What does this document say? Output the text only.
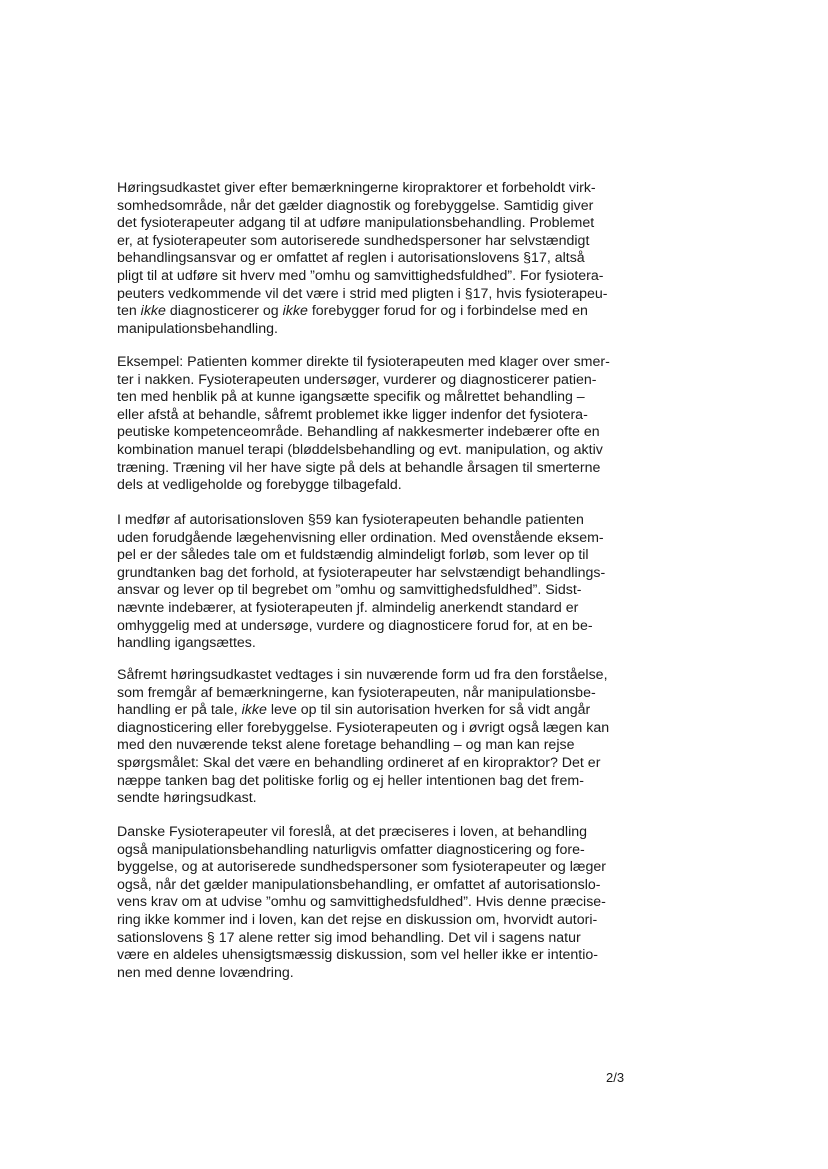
Høringsudkastet giver efter bemærkningerne kiropraktorer et forbeholdt virk-
somhedsområde, når det gælder diagnostik og forebyggelse. Samtidig giver
det fysioterapeuter adgang til at udføre manipulationsbehandling. Problemet
er, at fysioterapeuter som autoriserede sundhedspersoner har selvstændigt
behandlingsansvar og er omfattet af reglen i autorisationslovens §17, altså
pligt til at udføre sit hverv med ”omhu og samvittighedsfuldhed”. For fysiotera-
peuters vedkommende vil det være i strid med pligten i §17, hvis fysioterapeu-
ten ikke diagnosticerer og ikke forebygger forud for og i forbindelse med en
manipulationsbehandling.
Eksempel: Patienten kommer direkte til fysioterapeuten med klager over smer-
ter i nakken. Fysioterapeuten undersøger, vurderer og diagnosticerer patien-
ten med henblik på at kunne igangsætte specifik og målrettet behandling –
eller afstå at behandle, såfremt problemet ikke ligger indenfor det fysiotera-
peutiske kompetenceområde. Behandling af nakkesmerter indebærer ofte en
kombination manuel terapi (bløddelsbehandling og evt. manipulation, og aktiv
træning. Træning vil her have sigte på dels at behandle årsagen til smerterne
dels at vedligeholde og forebygge tilbagefald.
I medfør af autorisationsloven §59 kan fysioterapeuten behandle patienten
uden forudgående lægehenvisning eller ordination. Med ovenstående eksem-
pel er der således tale om et fuldstændig almindeligt forløb, som lever op til
grundtanken bag det forhold, at fysioterapeuter har selvstændigt behandlings-
ansvar og lever op til begrebet om ”omhu og samvittighedsfuldhed”. Sidst-
nævnte indebærer, at fysioterapeuten jf. almindelig anerkendt standard er
omhyggelig med at undersøge, vurdere og diagnosticere forud for, at en be-
handling igangsættes.
Såfremt høringsudkastet vedtages i sin nuværende form ud fra den forståelse,
som fremgår af bemærkningerne, kan fysioterapeuten, når manipulationsbe-
handling er på tale, ikke leve op til sin autorisation hverken for så vidt angår
diagnosticering eller forebyggelse. Fysioterapeuten og i øvrigt også lægen kan
med den nuværende tekst alene foretage behandling – og man kan rejse
spørgsmålet: Skal det være en behandling ordineret af en kiropraktor? Det er
næppe tanken bag det politiske forlig og ej heller intentionen bag det frem-
sendte høringsudkast.
Danske Fysioterapeuter vil foreslå, at det præciseres i loven, at behandling
også manipulationsbehandling naturligvis omfatter diagnosticering og fore-
byggelse, og at autoriserede sundhedspersoner som fysioterapeuter og læger
også, når det gælder manipulationsbehandling, er omfattet af autorisationslo-
vens krav om at udvise ”omhu og samvittighedsfuldhed”. Hvis denne præcise-
ring ikke kommer ind i loven, kan det rejse en diskussion om, hvorvidt autori-
sationslovens § 17 alene retter sig imod behandling. Det vil i sagens natur
være en aldeles uhensigtsmæssig diskussion, som vel heller ikke er intentio-
nen med denne lovændring.
2/3
